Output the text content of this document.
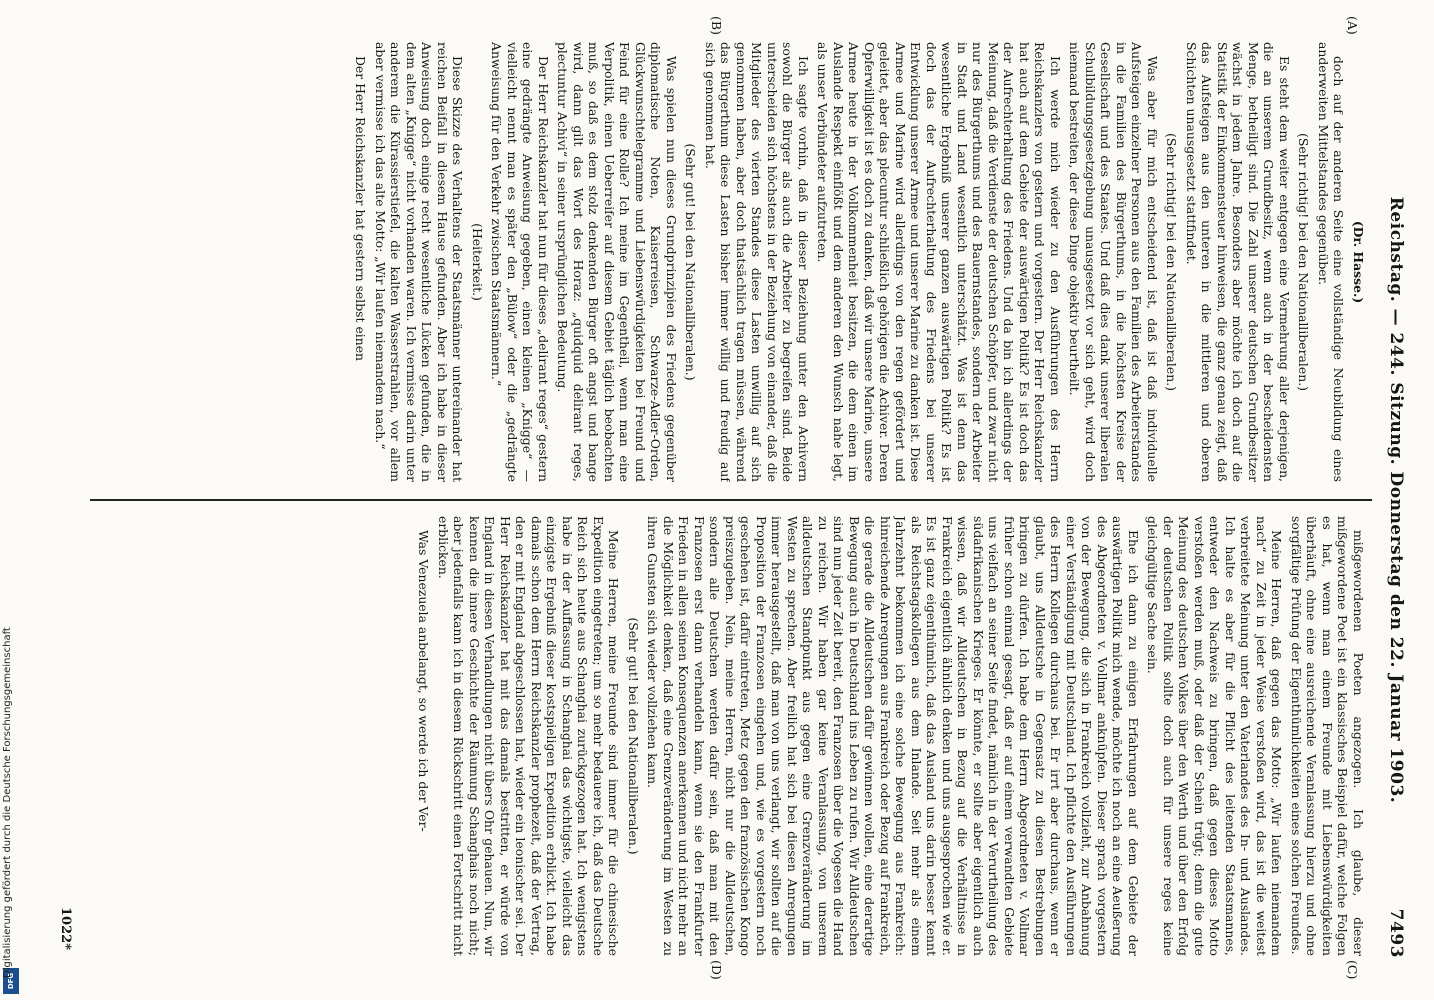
DFG
Digitalisierung gefördert durch die Deutsche Forschungsgemeinschaft	Reichstag. — 244. Sitzung. Donnerstag den 22. Januar 1903.
7493
(A)
(B)
(C)
(D)

(Dr. Hasse.)

doch auf der anderen Seite eine vollständige Neubildung eines anderweiten Mittelstandes gegenüber.

(Sehr richtig! bei den Nationalliberalen.)

Es steht dem weiter entgegen eine Vermehrung aller derjenigen, die an unserem Grundbesitz, wenn auch in der bescheidensten Menge, betheiligt sind. Die Zahl unserer deutschen Grundbesitzer wächst in jedem Jahre. Besonders aber möchte ich doch auf die Statistik der Einkommensteuer hinweisen, die ganz genau zeigt, daß das Aufsteigen aus den unteren in die mittleren und oberen Schichten unausgesetzt stattfindet.

(Sehr richtig! bei den Nationalliberalen.)

Was aber für mich entscheidend ist, daß ist daß individuelle Aufsteigen einzelner Personen aus den Familien des Arbeiterstandes in die Familien des Bürgerthums, in die höchsten Kreise der Gesellschaft und des Staates. Und daß dies dank unserer liberalen Schulbildungsgesetzgebung unausgesetzt vor sich geht, wird doch niemand bestreiten, der diese Dinge objektiv beurtheilt.

Ich werde mich wieder zu den Ausführungen des Herrn Reichskanzlers von gestern und vorgestern. Der Herr Reichskanzler hat auch auf dem Gebiete der auswärtigen Politik? Es ist doch das der Aufrechterhaltung des Friedens. Und da bin ich allerdings der Meinung, daß die Verdienste der deutschen Schöpfer, und zwar nicht nur des Bürgerthums und des Bauernstandes, sondern der Arbeiter in Stadt und Land wesentlich unterschätzt. Was ist denn das wesentliche Ergebniß unserer ganzen auswärtigen Politik? Es ist doch das der Aufrechterhaltung des Friedens bei unserer Entwicklung unserer Armee und unserer Marine zu danken ist. Diese Armee und Marine wird allerdings von den regen gefördert und geleitet, aber das plecuntur schließlich gehörigen die Achiver. Deren Opferwilligkeit ist es doch zu danken, daß wir unsere Marine, unsere Armee heute in der Vollkommenheit besitzen, die dem einen im Auslande Respekt einflößt und dem anderen den Wunsch nahe legt, als unser Verbündeter aufzutreten.

Ich sagte vorhin, daß in dieser Beziehung unter den Achivern sowohl die Bürger als auch die Arbeiter zu begreifen sind. Beide unterscheiden sich höchstens in der Beziehung von einander, daß die Mitglieder des vierten Standes diese Lasten unwillig auf sich genommen haben, aber doch thatsächlich tragen müssen, während das Bürgerthum diese Lasten bisher immer willig und freudig auf sich genommen hat.

(Sehr gut! bei den Nationalliberalen.)

Was spielen nun dieses Grundprinzipien des Friedens gegenüber diplomatische Noten, Kaiserreisen, Schwarze-Adler-Orden, Glückwunschtelegramme und Liebenswürdigkeiten bei Freund und Feind für eine Rolle? Ich meine im Gegentheil, wenn man eine Verpolitik, einen Ueberreifer auf diesem Gebiet täglich beobachten muß, so daß es dem stolz denkenden Bürger oft angst und bange wird, dann gilt das Wort des Horaz: „quidquid delirant reges, plectuntur Achivi“ in seiner ursprünglichen Bedeutung.

Der Herr Reichskanzler hat nun für dieses „delirant reges“ gestern eine gedrängte Anweisung gegeben, einen kleinen „Knigge“ — vielleicht nennt man es später den „Bülow“ oder die „gedrängte Anweisung für den Verkehr zwischen Staatsmännern.“

(Heiterkeit.)

Diese Skizze des Verhaltens der Staatsmänner untereinander hat reichen Beifall in diesem Hause gefunden. Aber ich habe in dieser Anweisung doch einige recht wesentliche Lücken gefunden, die in dem alten „Knigge“ nicht vorhanden waren. Ich vermisse darin unter anderem die Kürassierstiefel, die kalten Wasserstrahlen, vor allem aber vermisse ich das alte Motto: „Wir laufen niemandem nach.“

Der Herr Reichskanzler hat gestern selbst einen

mißgewordenen Poeten angezogen. Ich glaube, dieser mißgewordene Poet ist ein klassisches Beispiel dafür, welche Folgen es hat, wenn man einem Freunde mit Liebenswürdigkeiten überhäuft, ohne eine ausreichende Veranlassung hierzu und ohne sorgfältige Prüfung der Eigenthümlichkeiten eines solchen Freundes.

Meine Herren, daß gegen das Motto: „Wir laufen niemandem nach“ zu Zeit in jeder Weise verstoßen wird, das ist die weitest verbreitete Meinung unter den Vaterlandes des In- und Auslandes. Ich halte es aber für die Pflicht des leitenden Staatsmannes, entweder den Nachweis zu bringen, daß gegen dieses Motto verstoßen werden muß, oder daß der Schein trügt; denn die gute Meinung des deutschen Volkes über den Werth und über den Erfolg der deutschen Politik sollte doch auch für unsere reges keine gleichgültige Sache sein.

Ehe ich dann zu einigen Erfahrungen auf dem Gebiete der auswärtigen Politik mich wende, möchte ich noch an eine Aeußerung des Abgeordneten v. Vollmar anknüpfen. Dieser sprach vorgestern von der Bewegung, die sich in Frankreich vollzieht, zur Anbahnung einer Verständigung mit Deutschland. Ich pflichte den Ausführungen des Herrn Kollegen durchaus bei. Er irrt aber durchaus, wenn er glaubt, uns Alldeutsche in Gegensatz zu diesen Bestrebungen bringen zu dürfen. Ich habe dem Herrn Abgeordneten v. Vollmar früher schon einmal gesagt, daß er auf einem verwandten Gebiete uns vielfach an seiner Seite findet, nämlich in der Verurtheilung des südafrikanischen Krieges. Er könnte, er sollte aber eigentlich auch wissen, daß wir Alldeutschen in Bezug auf die Verhältnisse in Frankreich eigentlich ähnlich denken und uns ausgesprochen wie er. Es ist ganz eigenthümlich, daß das Ausland uns darin besser kennt als Reichstagskollegen aus dem Inlande. Seit mehr als einem Jahrzehnt bekommen ich eine solche Bewegung aus Frankreich: hinreichende Anregungen aus Frankreich oder Bezug auf Frankreich, die gerade die Alldeutschen dafür gewinnen wollen, eine derartige Bewegung auch in Deutschland ins Leben zu rufen. Wir Alldeutschen sind nun jeder Zeit bereit, den Franzosen über die Vogesen die Hand zu reichen. Wir haben gar keine Veranlassung, von unserem alldeutschen Standpunkt aus gegen eine Grenzveränderung im Westen zu sprechen. Aber freilich hat sich bei diesen Anregungen immer herausgestellt, daß man von uns verlangt, wir sollten auf die Proposition der Franzosen eingehen und, wie es vorgestern noch geschehen ist, dafür eintreten, Metz gegen den französischen Kongo preiszugeben. Nein, meine Herren, nicht nur die Alldeutschen, sondern alle Deutschen werden dafür sein, daß man mit den Franzosen erst dann verhandeln kann, wenn sie den Frankfurter Frieden in allen seinen Konsequenzen anerkennen und nicht mehr an die Möglichkeit denken, daß eine Grenzveränderung im Westen zu ihren Gunsten sich wieder vollziehen kann.

(Sehr gut! bei den Nationalliberalen.)

Meine Herren, meine Freunde sind immer für die chinesische Expedition eingetreten; um so mehr bedauere ich, daß das Deutsche Reich sich heute aus Schanghai zurückgezogen hat. Ich wenigstens habe in der Auffassung in Schanghai das wichtigste, vielleicht das einzigste Ergebniß dieser kostspieligen Expedition erblickt. Ich habe damals schon dem Herrn Reichskanzler prophezeit, daß der Vertrag, den er mit England abgeschlossen hat, wieder ein leonischer sei. Der Herr Reichskanzler hat mit das damals bestritten, er würde von England in diesen Verhandlungen nicht übers Ohr gehauen. Nun, wir kennen die innere Geschichte der Räumung Schanghais noch nicht; aber jedenfalls kann ich in diesem Rückschritt einen Fortschritt nicht erblicken.

Was Venezuela anbelangt, so werde ich der Ver-

1022*
